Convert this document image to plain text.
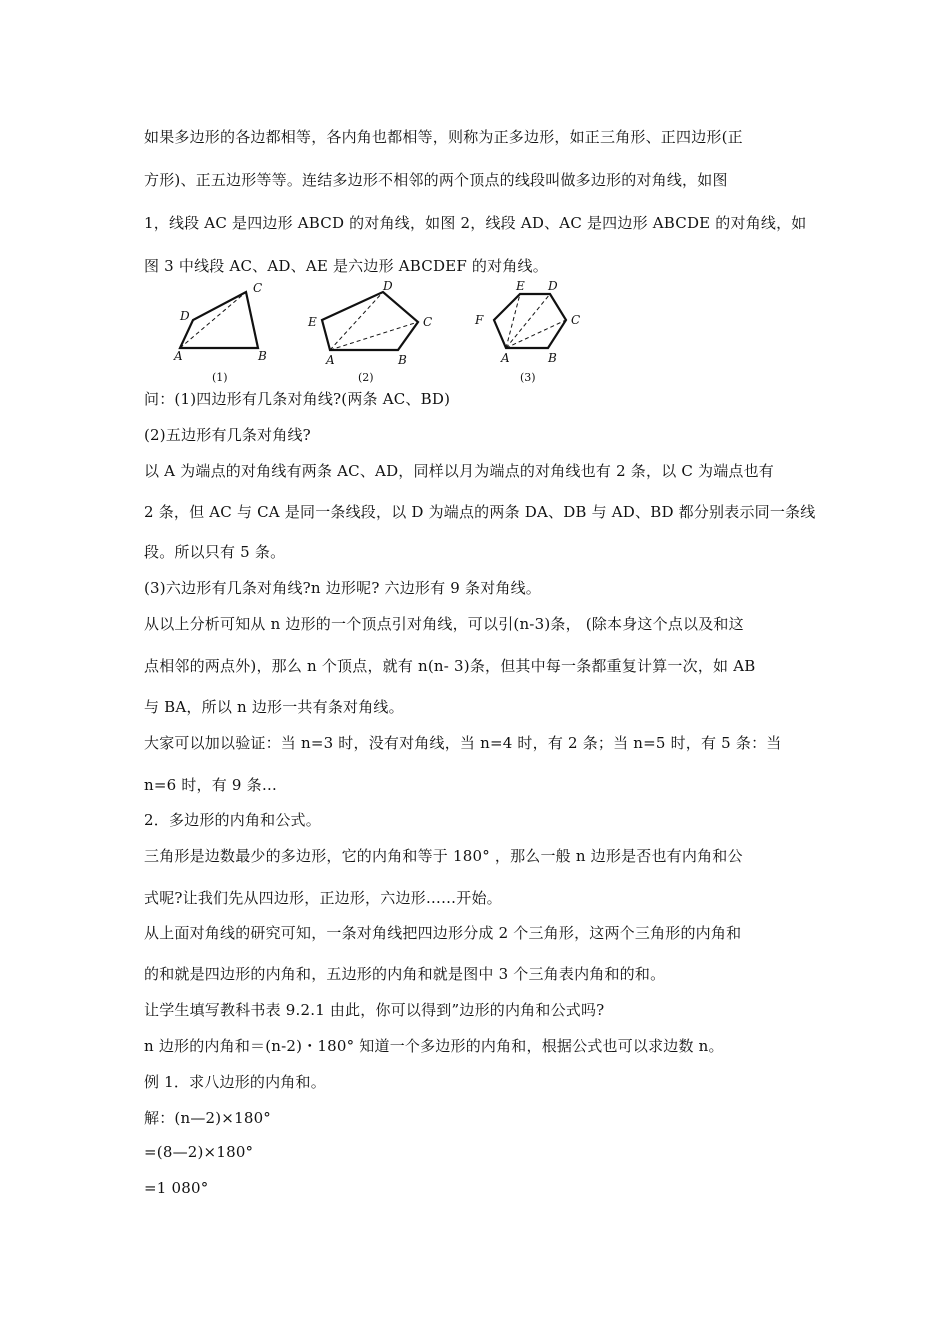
如果多边形的各边都相等，各内角也都相等，则称为正多边形，如正三角形、正四边形(正
方形)、正五边形等等。连结多边形不相邻的两个顶点的线段叫做多边形的对角线，如图
1，线段 AC 是四边形 ABCD 的对角线，如图 2，线段 AD、AC 是四边形 ABCDE 的对角线，如
图 3 中线段 AC、AD、AE 是六边形 ABCDEF 的对角线。
A	B
C
D
(1)
A	B
C
D
E
(2)
A	B
C
D
E
F
(3)
问：(1)四边形有几条对角线?(两条 AC、BD)
(2)五边形有几条对角线?
以 A 为端点的对角线有两条 AC、AD，同样以月为端点的对角线也有 2 条，以 C 为端点也有
2 条，但 AC 与 CA 是同一条线段，以 D 为端点的两条 DA、DB 与 AD、BD 都分别表示同一条线
段。所以只有 5 条。
(3)六边形有几条对角线?n 边形呢? 六边形有 9 条对角线。
从以上分析可知从 n 边形的一个顶点引对角线，可以引(n-3)条， (除本身这个点以及和这
点相邻的两点外)，那么 n 个顶点，就有 n(n- 3)条，但其中每一条都重复计算一次，如 AB
与 BA，所以 n 边形一共有条对角线。
大家可以加以验证：当 n=3 时，没有对角线，当 n=4 时，有 2 条；当 n=5 时，有 5 条：当
n=6 时，有 9 条…
2．多边形的内角和公式。
三角形是边数最少的多边形，它的内角和等于 180° ，那么一般 n 边形是否也有内角和公
式呢?让我们先从四边形，正边形，六边形……开始。
从上面对角线的研究可知，一条对角线把四边形分成 2 个三角形，这两个三角形的内角和
的和就是四边形的内角和，五边形的内角和就是图中 3 个三角表内角和的和。
让学生填写教科书表 9.2.1 由此，你可以得到”边形的内角和公式吗?
n 边形的内角和＝(n-2)・180° 知道一个多边形的内角和，根据公式也可以求边数 n。
例 1．求八边形的内角和。
解：(n—2)×180°
=(8—2)×180°
=1 080°
